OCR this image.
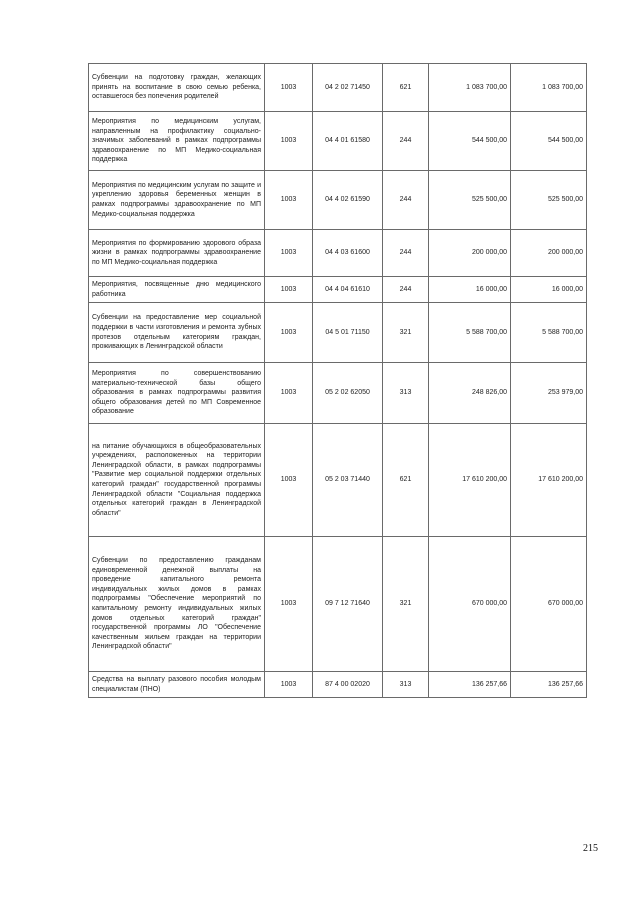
Субвенции на подготовку граждан, желающих принять на воспитание в свою семью ребенка, оставшегося без попечения родителей	1003	04 2 02 71450	621	1 083 700,00	1 083 700,00
Мероприятия по медицинским услугам, направленным на профилактику социально-значимых заболеваний в рамках подпрограммы здравоохранение по МП Медико-социальная поддержка	1003	04 4 01 61580	244	544 500,00	544 500,00
Мероприятия по медицинским услугам по защите и укреплению здоровья беременных женщин в рамках подпрограммы здравоохранение по МП Медико-социальная поддержка	1003	04 4 02 61590	244	525 500,00	525 500,00
Мероприятия по формированию здорового образа жизни в рамках подпрограммы здравоохранение по МП Медико-социальная поддержка	1003	04 4 03 61600	244	200 000,00	200 000,00
Мероприятия, посвященные дню медицинского работника	1003	04 4 04 61610	244	16 000,00	16 000,00
Субвенции на предоставление мер социальной поддержки в части изготовления и ремонта зубных протезов отдельным категориям граждан, проживающих в Ленинградской области	1003	04 5 01 71150	321	5 588 700,00	5 588 700,00
Мероприятия по совершенствованию материально-технической базы общего образования в рамках подпрограммы развития общего образования детей по МП Современное образование	1003	05 2 02 62050	313	248 826,00	253 979,00
на питание обучающихся в общеобразовательных учреждениях, расположенных на территории Ленинградской области, в рамках подпрограммы "Развитие мер социальной поддержки отдельных категорий граждан" государственной программы Ленинградской области "Социальная поддержка отдельных категорий граждан в Ленинградской области"	1003	05 2 03 71440	621	17 610 200,00	17 610 200,00
Субвенции по предоставлению гражданам единовременной денежной выплаты на проведение капитального ремонта индивидуальных жилых домов в рамках подпрограммы "Обеспечение мероприятий по капитальному ремонту индивидуальных жилых домов отдельных категорий граждан" государственной программы ЛО "Обеспечение качественным жильем граждан на территории Ленинградской области"	1003	09 7 12 71640	321	670 000,00	670 000,00
Средства на выплату разового пособия молодым специалистам (ПНО)	1003	87 4 00 02020	313	136 257,66	136 257,66
215
